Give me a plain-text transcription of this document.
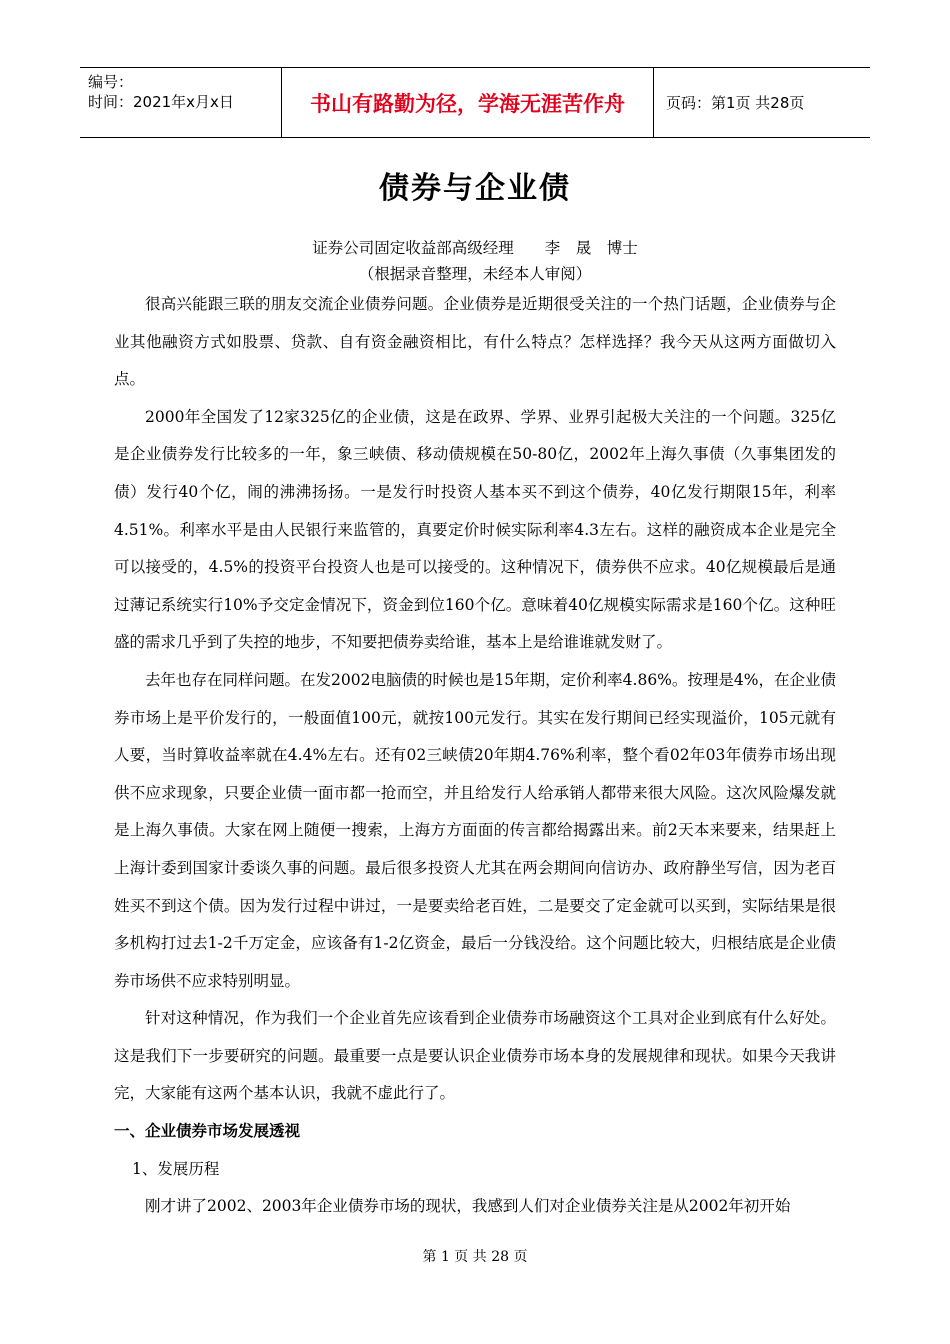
编号：
时间：2021年x月x日	书山有路勤为径，学海无涯苦作舟	页码：第1页 共28页
债券与企业债
证券公司固定收益部高级经理　　李　晟　博士
（根据录音整理，未经本人审阅）

很高兴能跟三联的朋友交流企业债券问题。企业债券是近期很受关注的一个热门话题，企业债券与企业其他融资方式如股票、贷款、自有资金融资相比，有什么特点？怎样选择？我今天从这两方面做切入点。

2000年全国发了12家325亿的企业债，这是在政界、学界、业界引起极大关注的一个问题。325亿是企业债券发行比较多的一年，象三峡债、移动债规模在50-80亿，2002年上海久事债（久事集团发的债）发行40个亿，闹的沸沸扬扬。一是发行时投资人基本买不到这个债券，40亿发行期限15年，利率4.51%。利率水平是由人民银行来监管的，真要定价时候实际利率4.3左右。这样的融资成本企业是完全可以接受的，4.5%的投资平台投资人也是可以接受的。这种情况下，债券供不应求。40亿规模最后是通过薄记系统实行10%予交定金情况下，资金到位160个亿。意味着40亿规模实际需求是160个亿。这种旺盛的需求几乎到了失控的地步，不知要把债券卖给谁，基本上是给谁谁就发财了。

去年也存在同样问题。在发2002电脑债的时候也是15年期，定价利率4.86%。按理是4%，在企业债券市场上是平价发行的，一般面值100元，就按100元发行。其实在发行期间已经实现溢价，105元就有人要，当时算收益率就在4.4%左右。还有02三峡债20年期4.76%利率，整个看02年03年债券市场出现供不应求现象，只要企业债一面市都一抢而空，并且给发行人给承销人都带来很大风险。这次风险爆发就是上海久事债。大家在网上随便一搜索，上海方方面面的传言都给揭露出来。前2天本来要来，结果赶上上海计委到国家计委谈久事的问题。最后很多投资人尤其在两会期间向信访办、政府静坐写信，因为老百姓买不到这个债。因为发行过程中讲过，一是要卖给老百姓，二是要交了定金就可以买到，实际结果是很多机构打过去1-2千万定金，应该备有1-2亿资金，最后一分钱没给。这个问题比较大，归根结底是企业债券市场供不应求特别明显。

针对这种情况，作为我们一个企业首先应该看到企业债券市场融资这个工具对企业到底有什么好处。这是我们下一步要研究的问题。最重要一点是要认识企业债券市场本身的发展规律和现状。如果今天我讲完，大家能有这两个基本认识，我就不虚此行了。

一、企业债券市场发展透视
1、发展历程

刚才讲了2002、2003年企业债券市场的现状，我感到人们对企业债券关注是从2002年初开始

第 1 页 共 28 页
